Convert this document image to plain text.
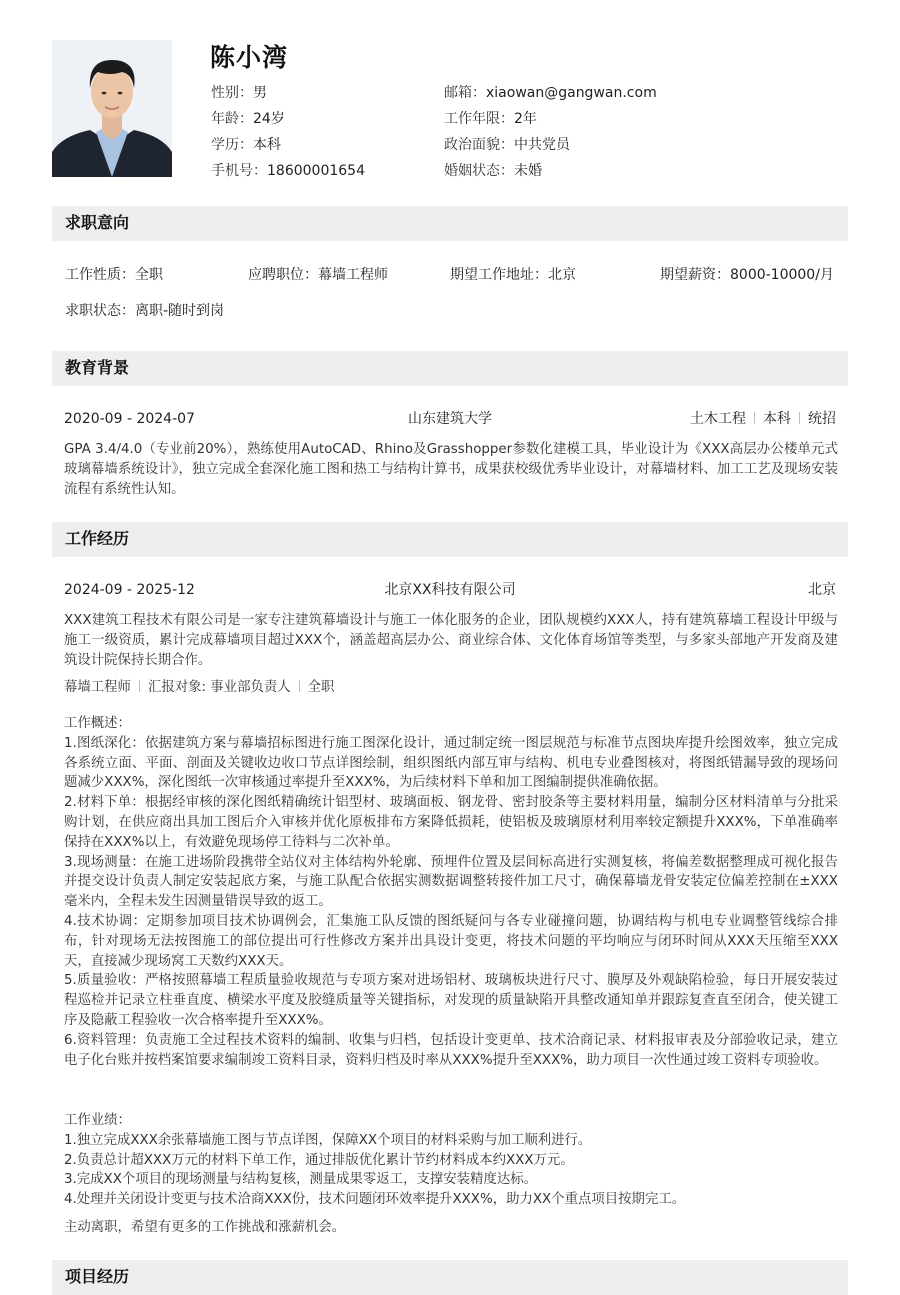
陈小湾
性别：男	邮箱：xiaowan@gangwan.com
年龄：24岁	工作年限：2年
学历：本科	政治面貌：中共党员
手机号：18600001654	婚姻状态：未婚
求职意向
工作性质：全职	应聘职位：幕墙工程师	期望工作地址：北京	期望薪资：8000-10000/月
求职状态：离职-随时到岗
教育背景
2020-09 - 2024-07	山东建筑大学	土木工程 本科 统招
GPA 3.4/4.0（专业前20%），熟练使用AutoCAD、Rhino及Grasshopper参数化建模工具，毕业设计为《XXX高层办公楼单元式玻璃幕墙系统设计》，独立完成全套深化施工图和热工与结构计算书，成果获校级优秀毕业设计，对幕墙材料、加工工艺及现场安装流程有系统性认知。
工作经历
2024-09 - 2025-12	北京XX科技有限公司	北京
XXX建筑工程技术有限公司是一家专注建筑幕墙设计与施工一体化服务的企业，团队规模约XXX人，持有建筑幕墙工程设计甲级与施工一级资质，累计完成幕墙项目超过XXX个，涵盖超高层办公、商业综合体、文化体育场馆等类型，与多家头部地产开发商及建筑设计院保持长期合作。
幕墙工程师 汇报对象: 事业部负责人 全职
工作概述：
1.图纸深化：依据建筑方案与幕墙招标图进行施工图深化设计，通过制定统一图层规范与标准节点图块库提升绘图效率，独立完成各系统立面、平面、剖面及关键收边收口节点详图绘制，组织图纸内部互审与结构、机电专业叠图核对，将图纸错漏导致的现场问题减少XXX%，深化图纸一次审核通过率提升至XXX%，为后续材料下单和加工图编制提供准确依据。
2.材料下单：根据经审核的深化图纸精确统计铝型材、玻璃面板、钢龙骨、密封胶条等主要材料用量，编制分区材料清单与分批采购计划，在供应商出具加工图后介入审核并优化原板排布方案降低损耗，使铝板及玻璃原材利用率较定额提升XXX%，下单准确率保持在XXX%以上，有效避免现场停工待料与二次补单。
3.现场测量：在施工进场阶段携带全站仪对主体结构外轮廓、预埋件位置及层间标高进行实测复核，将偏差数据整理成可视化报告并提交设计负责人制定安装起底方案，与施工队配合依据实测数据调整转接件加工尺寸，确保幕墙龙骨安装定位偏差控制在±XXX毫米内，全程未发生因测量错误导致的返工。
4.技术协调：定期参加项目技术协调例会，汇集施工队反馈的图纸疑问与各专业碰撞问题，协调结构与机电专业调整管线综合排布，针对现场无法按图施工的部位提出可行性修改方案并出具设计变更，将技术问题的平均响应与闭环时间从XXX天压缩至XXX天，直接减少现场窝工天数约XXX天。
5.质量验收：严格按照幕墙工程质量验收规范与专项方案对进场铝材、玻璃板块进行尺寸、膜厚及外观缺陷检验，每日开展安装过程巡检并记录立柱垂直度、横梁水平度及胶缝质量等关键指标，对发现的质量缺陷开具整改通知单并跟踪复查直至闭合，使关键工序及隐蔽工程验收一次合格率提升至XXX%。
6.资料管理：负责施工全过程技术资料的编制、收集与归档，包括设计变更单、技术洽商记录、材料报审表及分部验收记录，建立电子化台账并按档案馆要求编制竣工资料目录，资料归档及时率从XXX%提升至XXX%，助力项目一次性通过竣工资料专项验收。
工作业绩：
1.独立完成XXX余张幕墙施工图与节点详图，保障XX个项目的材料采购与加工顺利进行。
2.负责总计超XXX万元的材料下单工作，通过排版优化累计节约材料成本约XXX万元。
3.完成XX个项目的现场测量与结构复核，测量成果零返工，支撑安装精度达标。
4.处理并关闭设计变更与技术洽商XXX份，技术问题闭环效率提升XXX%，助力XX个重点项目按期完工。
主动离职，希望有更多的工作挑战和涨薪机会。
项目经历
